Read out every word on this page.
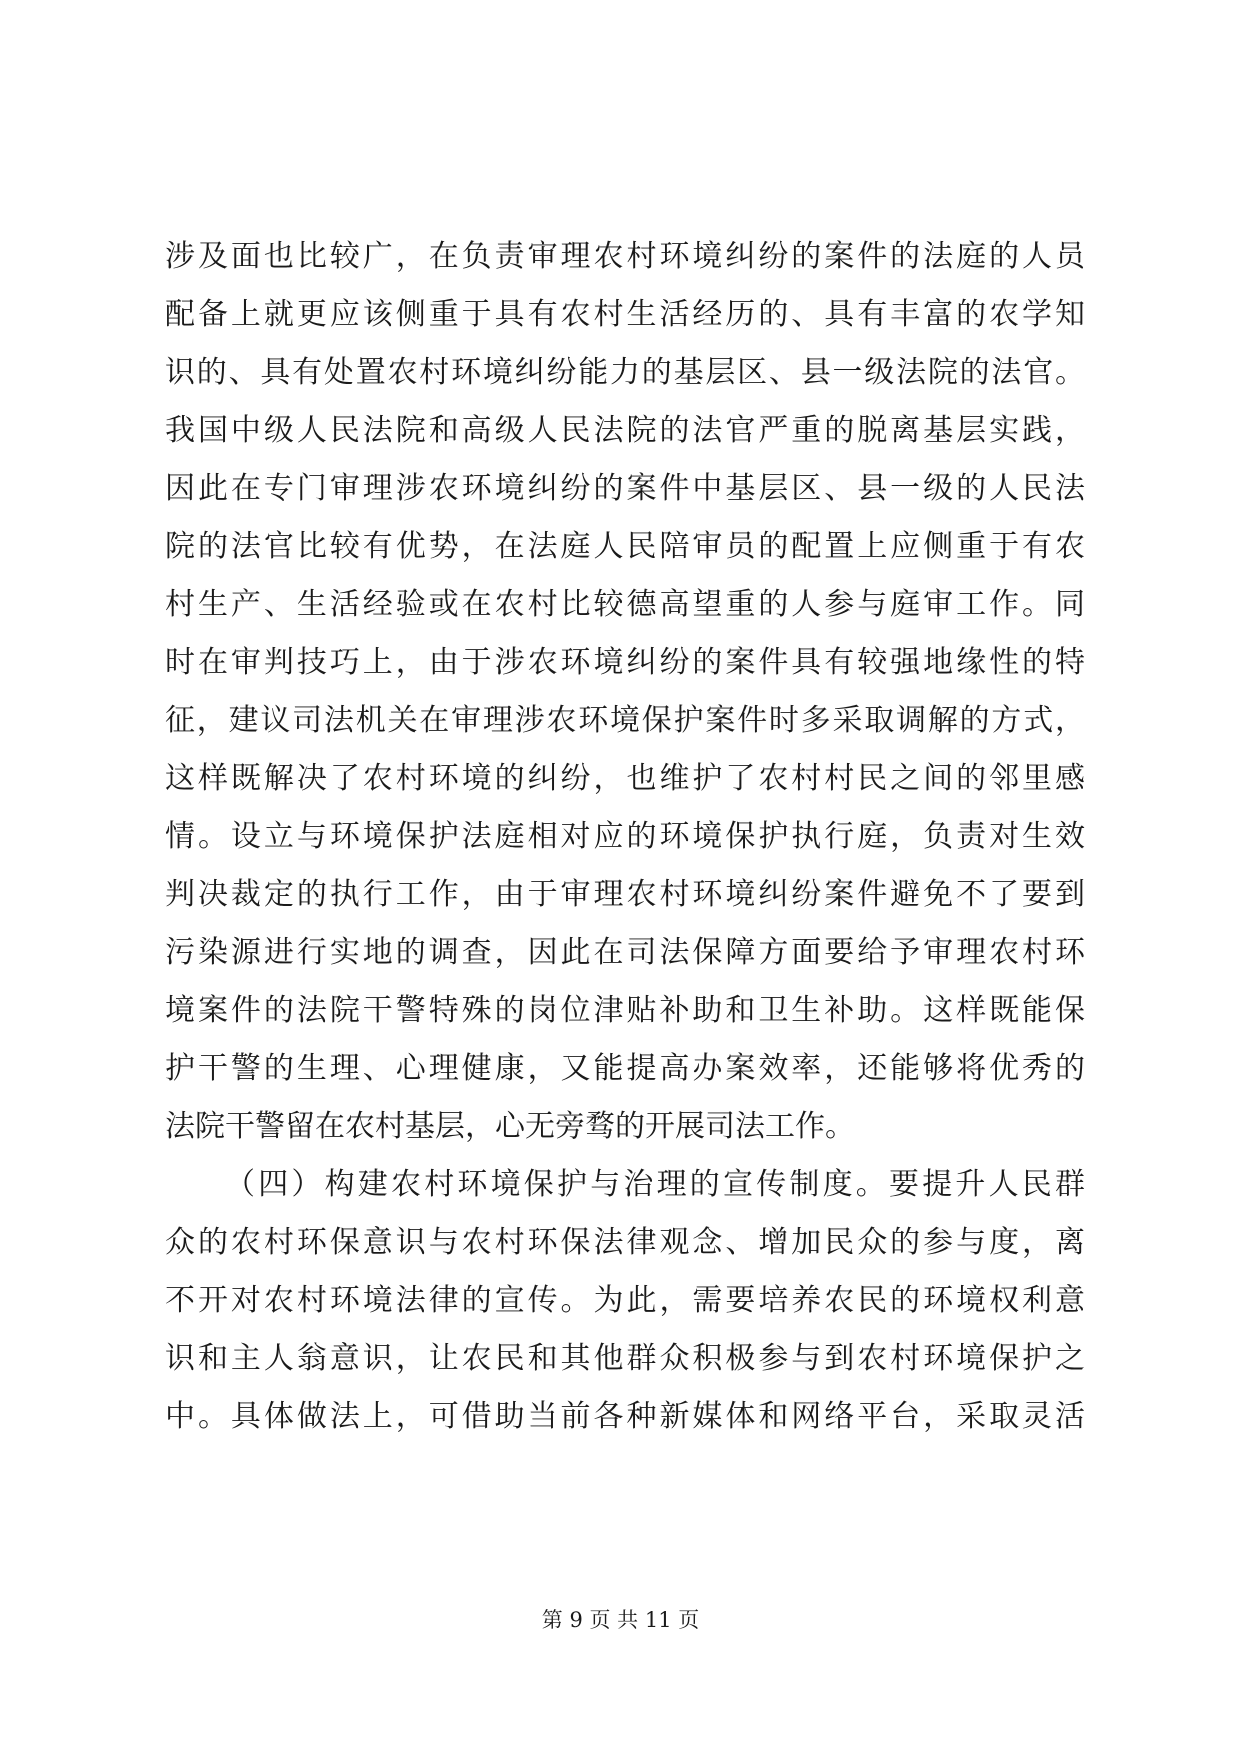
涉及面也比较广，在负责审理农村环境纠纷的案件的法庭的人员
配备上就更应该侧重于具有农村生活经历的、具有丰富的农学知
识的、具有处置农村环境纠纷能力的基层区、县一级法院的法官。
我国中级人民法院和高级人民法院的法官严重的脱离基层实践，
因此在专门审理涉农环境纠纷的案件中基层区、县一级的人民法
院的法官比较有优势，在法庭人民陪审员的配置上应侧重于有农
村生产、生活经验或在农村比较德高望重的人参与庭审工作。同
时在审判技巧上，由于涉农环境纠纷的案件具有较强地缘性的特
征，建议司法机关在审理涉农环境保护案件时多采取调解的方式，
这样既解决了农村环境的纠纷，也维护了农村村民之间的邻里感
情。设立与环境保护法庭相对应的环境保护执行庭，负责对生效
判决裁定的执行工作，由于审理农村环境纠纷案件避免不了要到
污染源进行实地的调查，因此在司法保障方面要给予审理农村环
境案件的法院干警特殊的岗位津贴补助和卫生补助。这样既能保
护干警的生理、心理健康，又能提高办案效率，还能够将优秀的
法院干警留在农村基层，心无旁骛的开展司法工作。
（四）构建农村环境保护与治理的宣传制度。要提升人民群
众的农村环保意识与农村环保法律观念、增加民众的参与度，离
不开对农村环境法律的宣传。为此，需要培养农民的环境权利意
识和主人翁意识，让农民和其他群众积极参与到农村环境保护之
中。具体做法上，可借助当前各种新媒体和网络平台，采取灵活
第 9 页 共 11 页
